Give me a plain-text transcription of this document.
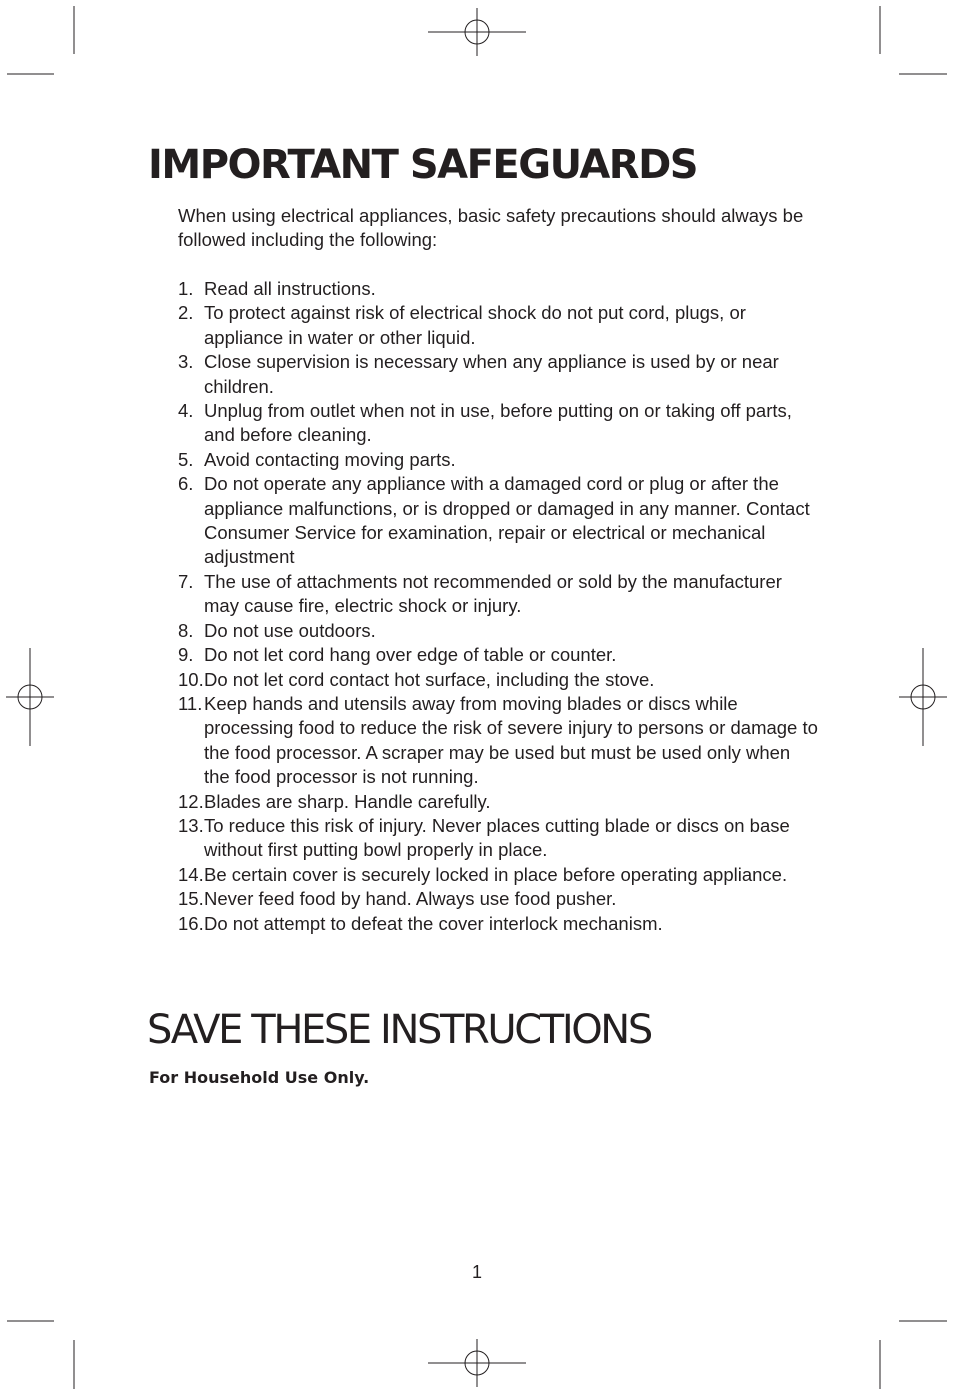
IMPORTANT SAFEGUARDS

When using electrical appliances, basic safety precautions should always be followed including the following:

1. Read all instructions.
2. To protect against risk of electrical shock do not put cord, plugs, or appliance in water or other liquid.
3. Close supervision is necessary when any appliance is used by or near children.
4. Unplug from outlet when not in use, before putting on or taking off parts, and before cleaning.
5. Avoid contacting moving parts.
6. Do not operate any appliance with a damaged cord or plug or after the appliance malfunctions, or is dropped or damaged in any manner. Contact Consumer Service for examination, repair or electrical or mechanical adjustment
7. The use of attachments not recommended or sold by the manufacturer may cause fire, electric shock or injury.
8. Do not use outdoors.
9. Do not let cord hang over edge of table or counter.
10. Do not let cord contact hot surface, including the stove.
11. Keep hands and utensils away from moving blades or discs while processing food to reduce the risk of severe injury to persons or damage to the food processor. A scraper may be used but must be used only when the food processor is not running.
12. Blades are sharp. Handle carefully.
13. To reduce this risk of injury. Never places cutting blade or discs on base without first putting bowl properly in place.
14. Be certain cover is securely locked in place before operating appliance.
15. Never feed food by hand. Always use food pusher.
16. Do not attempt to defeat the cover interlock mechanism.
SAVE THESE INSTRUCTIONS

For Household Use Only.

1
